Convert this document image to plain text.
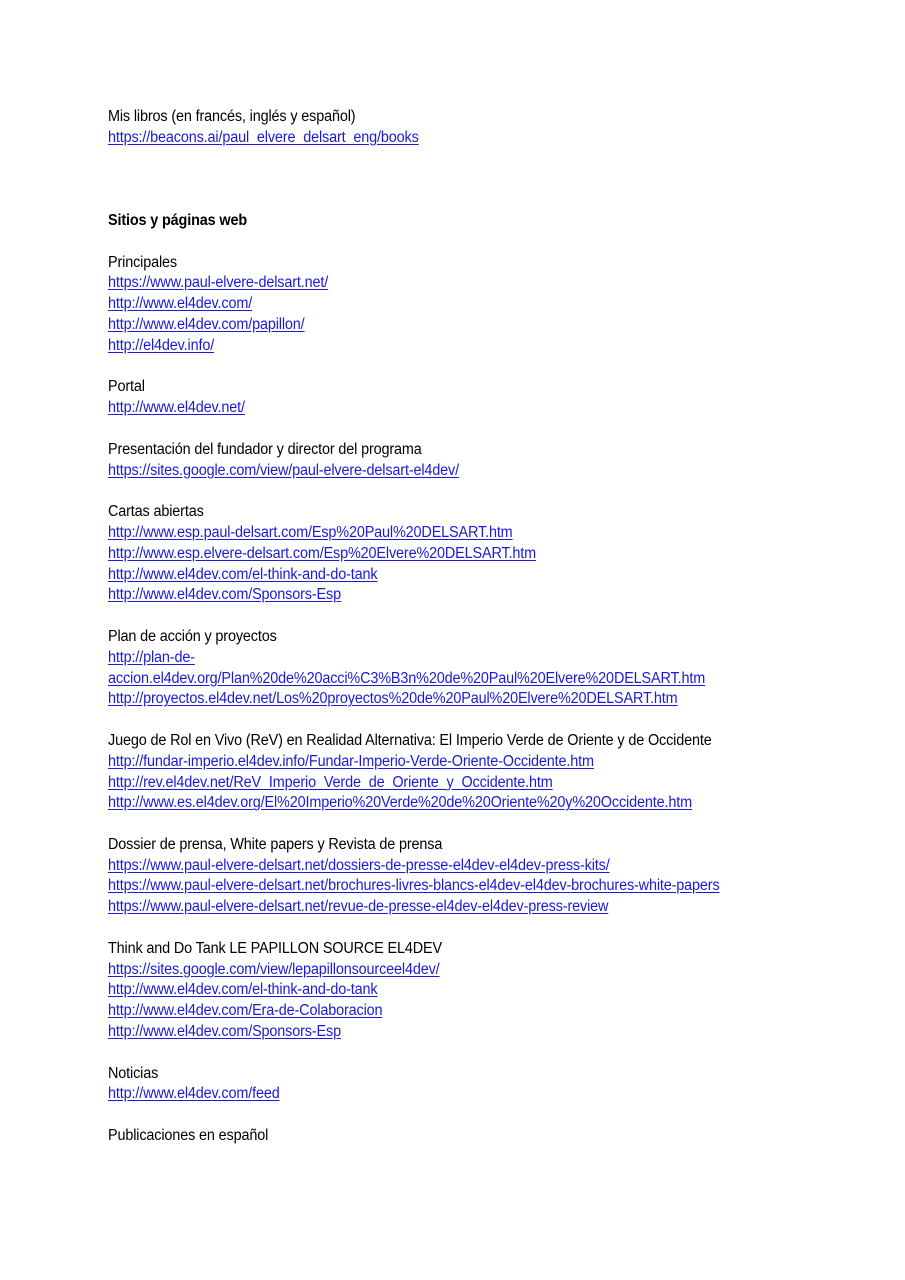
Mis libros (en francés, inglés y español)
https://beacons.ai/paul_elvere_delsart_eng/books
Sitios y páginas web
Principales
https://www.paul-elvere-delsart.net/
http://www.el4dev.com/
http://www.el4dev.com/papillon/
http://el4dev.info/
Portal
http://www.el4dev.net/
Presentación del fundador y director del programa
https://sites.google.com/view/paul-elvere-delsart-el4dev/
Cartas abiertas
http://www.esp.paul-delsart.com/Esp%20Paul%20DELSART.htm
http://www.esp.elvere-delsart.com/Esp%20Elvere%20DELSART.htm
http://www.el4dev.com/el-think-and-do-tank
http://www.el4dev.com/Sponsors-Esp
Plan de acción y proyectos
http://plan-de-
accion.el4dev.org/Plan%20de%20acci%C3%B3n%20de%20Paul%20Elvere%20DELSART.htm
http://proyectos.el4dev.net/Los%20proyectos%20de%20Paul%20Elvere%20DELSART.htm
Juego de Rol en Vivo (ReV) en Realidad Alternativa: El Imperio Verde de Oriente y de Occidente
http://fundar-imperio.el4dev.info/Fundar-Imperio-Verde-Oriente-Occidente.htm
http://rev.el4dev.net/ReV_Imperio_Verde_de_Oriente_y_Occidente.htm
http://www.es.el4dev.org/El%20Imperio%20Verde%20de%20Oriente%20y%20Occidente.htm
Dossier de prensa, White papers y Revista de prensa
https://www.paul-elvere-delsart.net/dossiers-de-presse-el4dev-el4dev-press-kits/
https://www.paul-elvere-delsart.net/brochures-livres-blancs-el4dev-el4dev-brochures-white-papers
https://www.paul-elvere-delsart.net/revue-de-presse-el4dev-el4dev-press-review
Think and Do Tank LE PAPILLON SOURCE EL4DEV
https://sites.google.com/view/lepapillonsourceel4dev/
http://www.el4dev.com/el-think-and-do-tank
http://www.el4dev.com/Era-de-Colaboracion
http://www.el4dev.com/Sponsors-Esp
Noticias
http://www.el4dev.com/feed
Publicaciones en español
